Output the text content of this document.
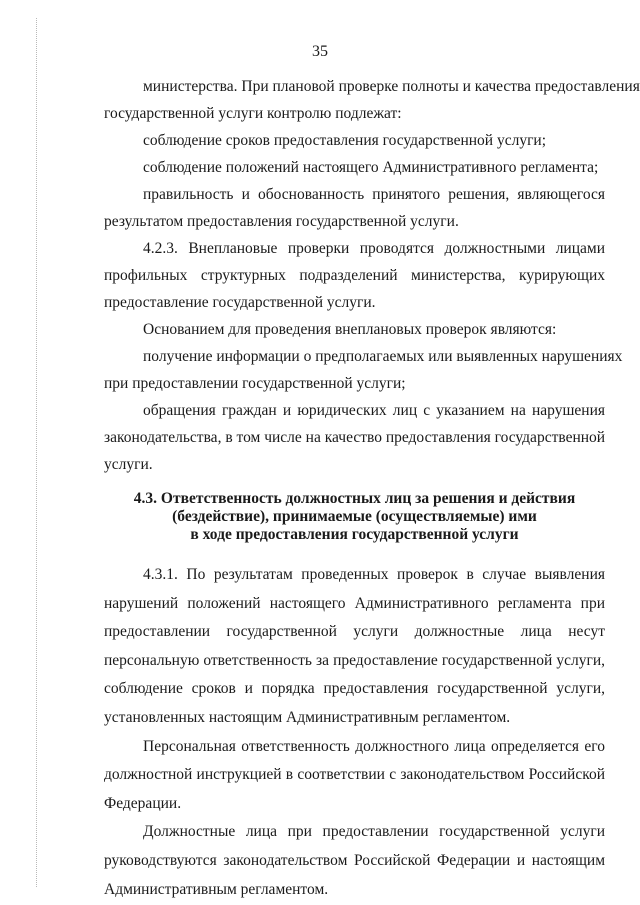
35
министерства. При плановой проверке полноты и качества предоставления
государственной услуги контролю подлежат:
соблюдение сроков предоставления государственной услуги;
соблюдение положений настоящего Административного регламента;
правильность и обоснованность принятого решения, являющегося
результатом предоставления государственной услуги.
4.2.3. Внеплановые проверки проводятся должностными лицами
профильных структурных подразделений министерства, курирующих
предоставление государственной услуги.
Основанием для проведения внеплановых проверок являются:
получение информации о предполагаемых или выявленных нарушениях
при предоставлении государственной услуги;
обращения граждан и юридических лиц с указанием на нарушения
законодательства, в том числе на качество предоставления государственной
услуги.
4.3. Ответственность должностных лиц за решения и действия
(бездействие), принимаемые (осуществляемые) ими
в ходе предоставления государственной услуги
4.3.1. По результатам проведенных проверок в случае выявления
нарушений положений настоящего Административного регламента при
предоставлении государственной услуги должностные лица несут
персональную ответственность за предоставление государственной услуги,
соблюдение сроков и порядка предоставления государственной услуги,
установленных настоящим Административным регламентом.
Персональная ответственность должностного лица определяется его
должностной инструкцией в соответствии с законодательством Российской
Федерации.
Должностные лица при предоставлении государственной услуги
руководствуются законодательством Российской Федерации и настоящим
Административным регламентом.
